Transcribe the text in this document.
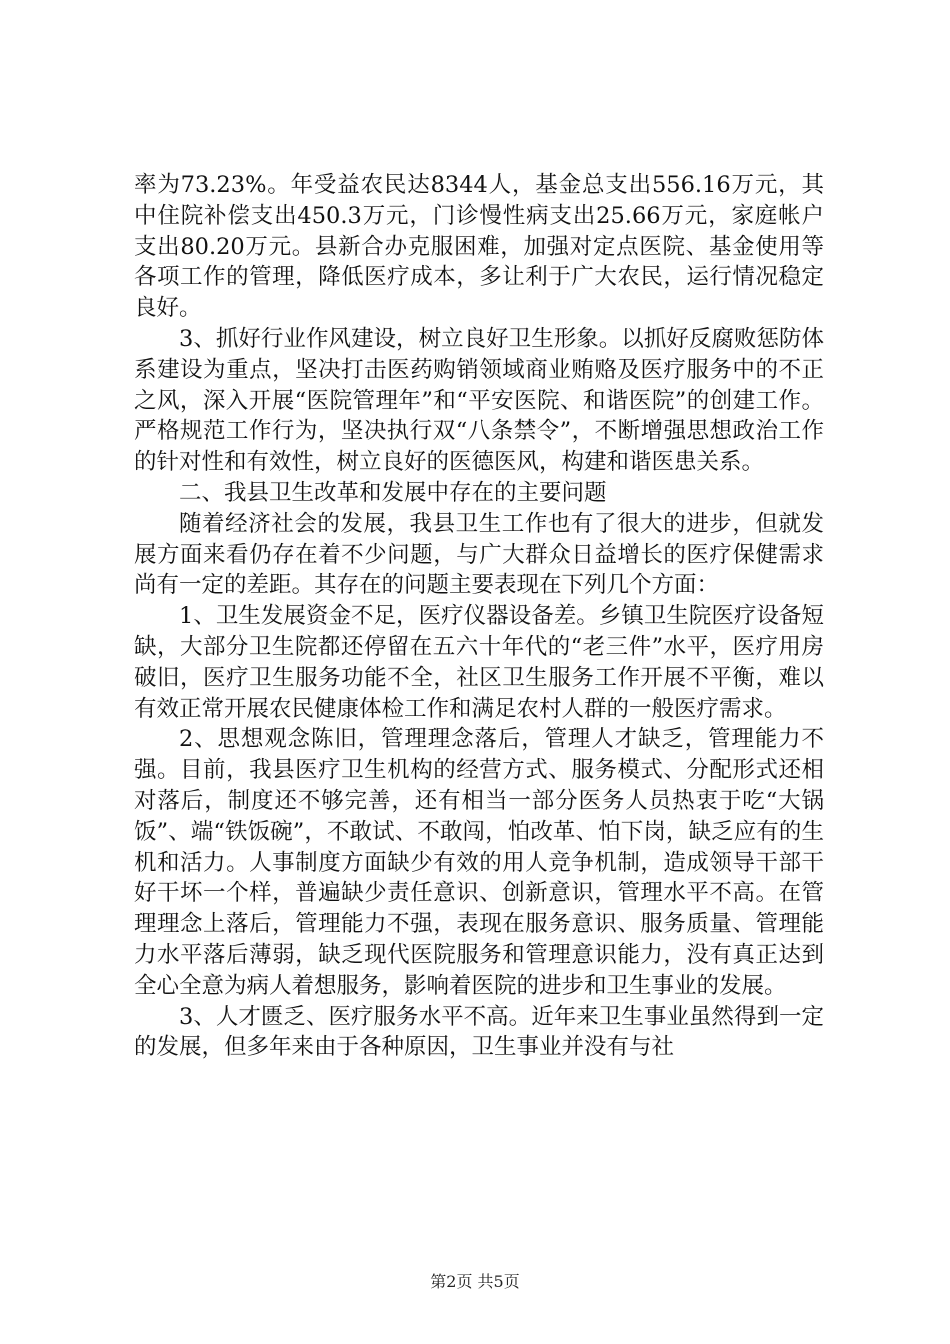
率为73.23%。年受益农民达8344人，基金总支出556.16万元，其中住院补偿支出450.3万元，门诊慢性病支出25.66万元，家庭帐户支出80.20万元。县新合办克服困难，加强对定点医院、基金使用等各项工作的管理，降低医疗成本，多让利于广大农民，运行情况稳定良好。

3、抓好行业作风建设，树立良好卫生形象。以抓好反腐败惩防体系建设为重点，坚决打击医药购销领域商业贿赂及医疗服务中的不正之风，深入开展“医院管理年”和“平安医院、和谐医院”的创建工作。严格规范工作行为，坚决执行双“八条禁令”，不断增强思想政治工作的针对性和有效性，树立良好的医德医风，构建和谐医患关系。

二、我县卫生改革和发展中存在的主要问题

随着经济社会的发展，我县卫生工作也有了很大的进步，但就发展方面来看仍存在着不少问题，与广大群众日益增长的医疗保健需求尚有一定的差距。其存在的问题主要表现在下列几个方面：

1、卫生发展资金不足，医疗仪器设备差。乡镇卫生院医疗设备短缺，大部分卫生院都还停留在五六十年代的“老三件”水平，医疗用房破旧，医疗卫生服务功能不全，社区卫生服务工作开展不平衡，难以有效正常开展农民健康体检工作和满足农村人群的一般医疗需求。

2、思想观念陈旧，管理理念落后，管理人才缺乏，管理能力不强。目前，我县医疗卫生机构的经营方式、服务模式、分配形式还相对落后，制度还不够完善，还有相当一部分医务人员热衷于吃“大锅饭”、端“铁饭碗”，不敢试、不敢闯，怕改革、怕下岗，缺乏应有的生机和活力。人事制度方面缺少有效的用人竞争机制，造成领导干部干好干坏一个样，普遍缺少责任意识、创新意识，管理水平不高。在管理理念上落后，管理能力不强，表现在服务意识、服务质量、管理能力水平落后薄弱，缺乏现代医院服务和管理意识能力，没有真正达到全心全意为病人着想服务，影响着医院的进步和卫生事业的发展。

3、人才匮乏、医疗服务水平不高。近年来卫生事业虽然得到一定的发展，但多年来由于各种原因，卫生事业并没有与社

第2页 共5页
